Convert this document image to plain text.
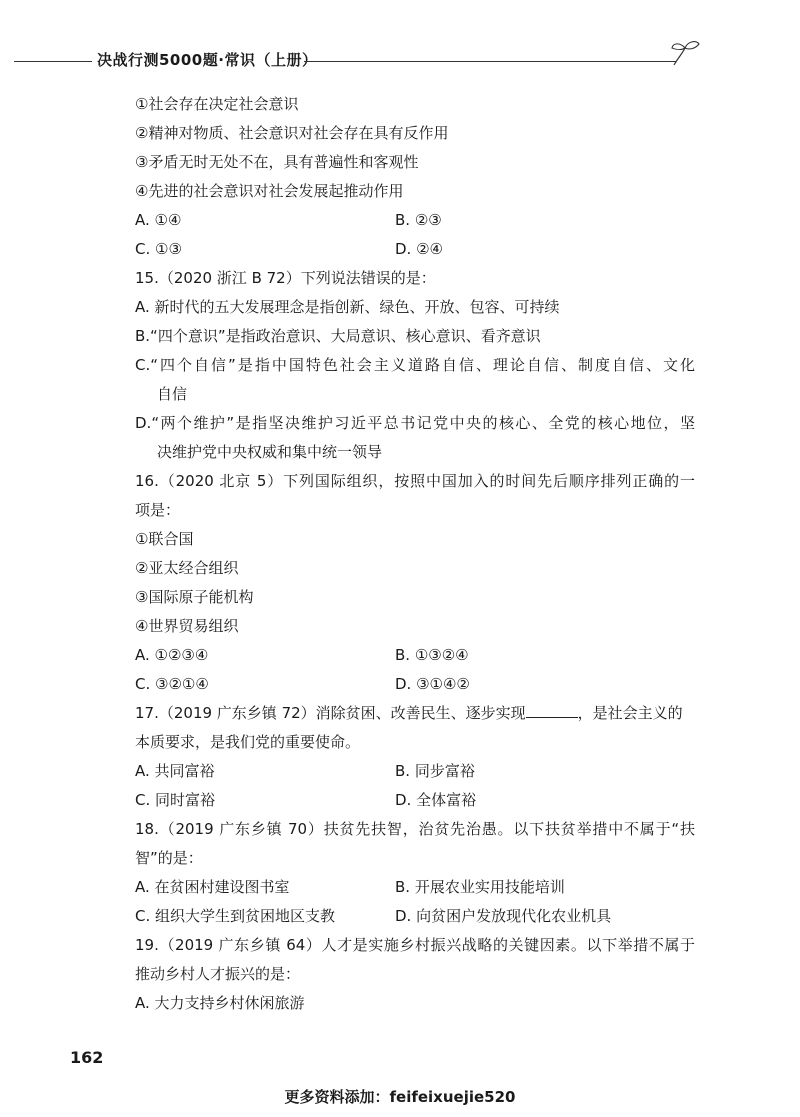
决战行测5000题·常识（上册）
①社会存在决定社会意识
②精神对物质、社会意识对社会存在具有反作用
③矛盾无时无处不在，具有普遍性和客观性
④先进的社会意识对社会发展起推动作用
A. ①④	B. ②③
C. ①③	D. ②④
15.（2020 浙江 B 72）下列说法错误的是：
A. 新时代的五大发展理念是指创新、绿色、开放、包容、可持续
B.“四个意识”是指政治意识、大局意识、核心意识、看齐意识
C.“四个自信”是指中国特色社会主义道路自信、理论自信、制度自信、文化
自信
D.“两个维护”是指坚决维护习近平总书记党中央的核心、全党的核心地位，坚
决维护党中央权威和集中统一领导
16.（2020 北京 5）下列国际组织，按照中国加入的时间先后顺序排列正确的一
项是：
①联合国
②亚太经合组织
③国际原子能机构
④世界贸易组织
A. ①②③④	B. ①③②④
C. ③②①④	D. ③①④②
17.（2019 广东乡镇 72）消除贫困、改善民生、逐步实现	，是社会主义的
本质要求，是我们党的重要使命。
A. 共同富裕	B. 同步富裕
C. 同时富裕	D. 全体富裕
18.（2019 广东乡镇 70）扶贫先扶智，治贫先治愚。以下扶贫举措中不属于“扶
智”的是：
A. 在贫困村建设图书室	B. 开展农业实用技能培训
C. 组织大学生到贫困地区支教	D. 向贫困户发放现代化农业机具
19.（2019 广东乡镇 64）人才是实施乡村振兴战略的关键因素。以下举措不属于
推动乡村人才振兴的是：
A. 大力支持乡村休闲旅游
162
更多资料添加：feifeixuejie520
